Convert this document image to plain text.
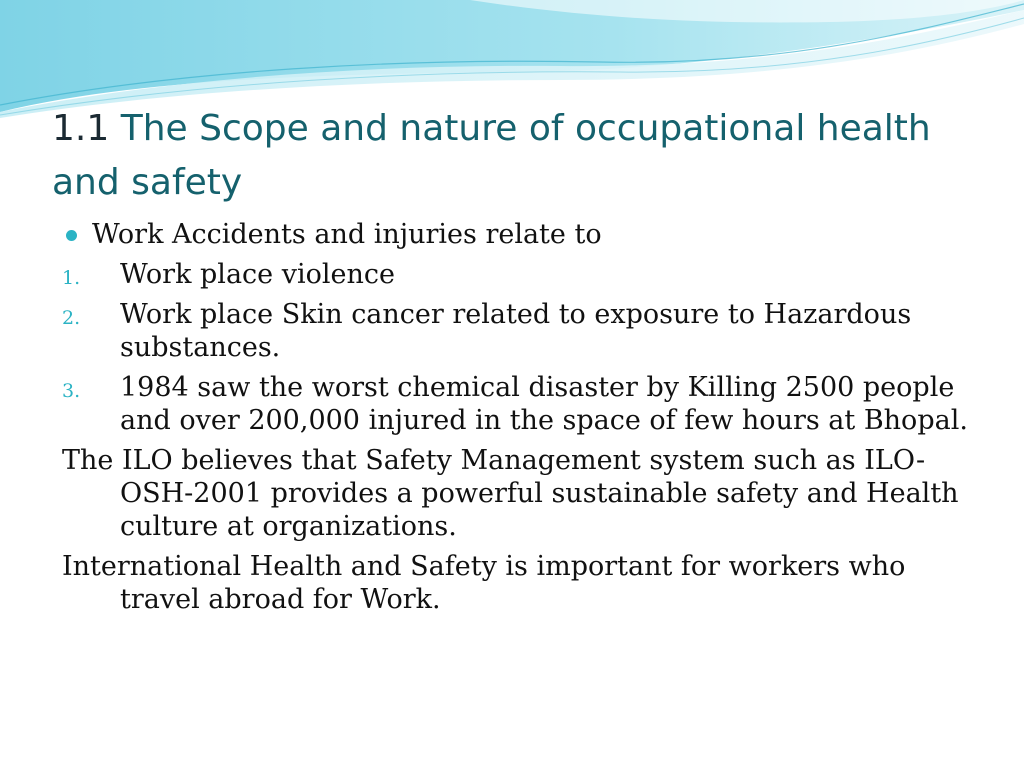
1.1 The Scope and nature of occupational health and safety
Work Accidents and injuries relate to
1. Work place violence
2. Work place Skin cancer related to exposure to Hazardous substances.
3. 1984 saw the worst chemical disaster by Killing 2500 people and over 200,000 injured in the space of few hours at Bhopal.
The ILO believes that Safety Management system such as ILO-OSH-2001 provides a powerful sustainable safety and Health culture at organizations.
International Health and Safety is important for workers who travel abroad for Work.
